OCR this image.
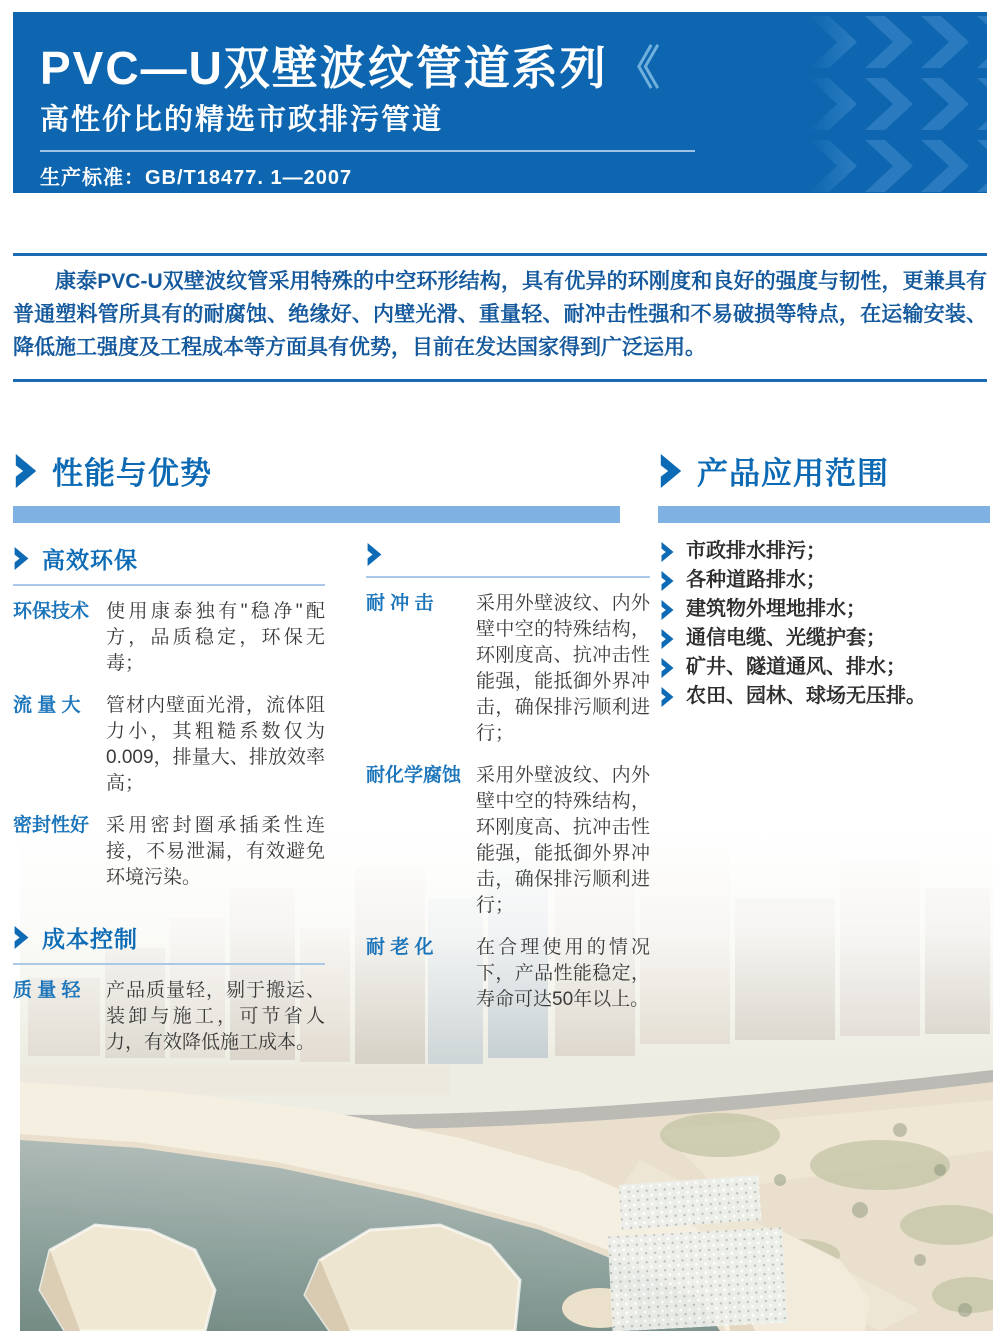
PVC—U双壁波纹管道系列 《
高性价比的精选市政排污管道
生产标准：GB/T18477. 1—2007

康泰PVC-U双壁波纹管采用特殊的中空环形结构，具有优异的环刚度和良好的强度与韧性，更兼具有普通塑料管所具有的耐腐蚀、绝缘好、内壁光滑、重量轻、耐冲击性强和不易破损等特点，在运输安装、降低施工强度及工程成本等方面具有优势，目前在发达国家得到广泛运用。

性能与优势
高效环保
环保技术 使用康泰独有"稳净"配方，品质稳定，环保无毒；
流 量 大	管材内壁面光滑，流体阻力小，其粗糙系数仅为 0.009，排量大、排放效率高；
密封性好 采用密封圈承插柔性连接，不易泄漏，有效避免环境污染。
成本控制
质 量 轻	产品质量轻，剔于搬运、装卸与施工，可节省人力，有效降低施工成本。
耐 冲 击	采用外壁波纹、内外壁中空的特殊结构，环刚度高、抗冲击性能强，能抵御外界冲击，确保排污顺利进行；
耐化学腐蚀 采用外壁波纹、内外壁中空的特殊结构，环刚度高、抗冲击性能强，能抵御外界冲击，确保排污顺利进行；
耐 老 化	在合理使用的情况下，产品性能稳定，寿命可达50年以上。
产品应用范围
市政排水排污；
各种道路排水；
建筑物外埋地排水；
通信电缆、光缆护套；
矿井、隧道通风、排水；
农田、园林、球场无压排。
